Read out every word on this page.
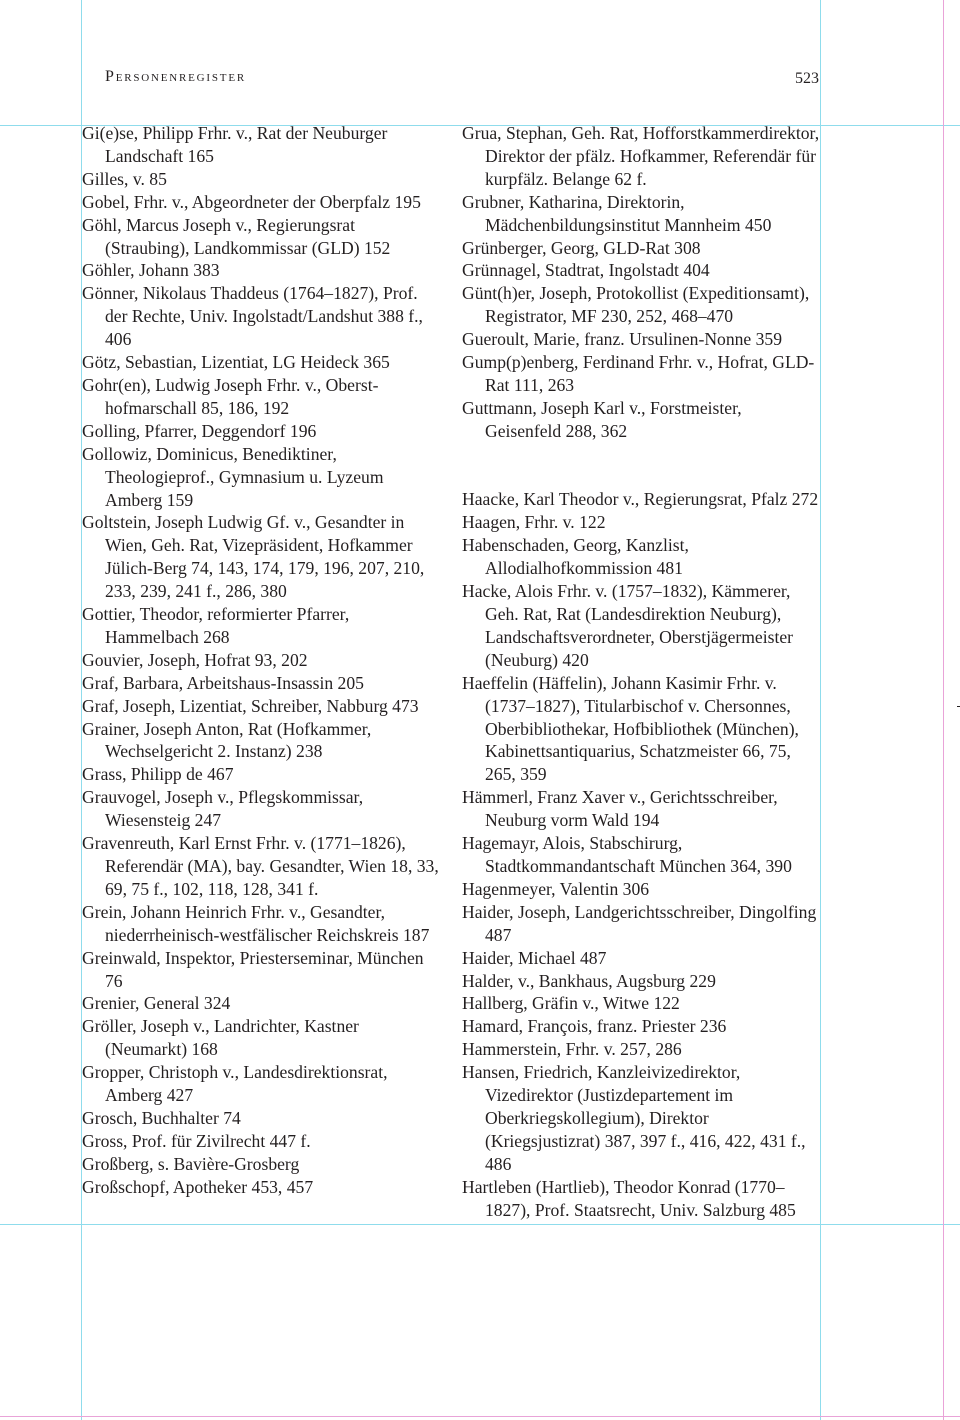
Personenregister	523
Gi(e)se, Philipp Frhr. v., Rat der Neuburger Landschaft 165
Gilles, v. 85
Gobel, Frhr. v., Abgeordneter der Oberpfalz 195
Göhl, Marcus Joseph v., Regierungsrat (Straubing), Landkommissar (GLD) 152
Göhler, Johann 383
Gönner, Nikolaus Thaddeus (1764–1827), Prof. der Rechte, Univ. Ingolstadt/Landshut 388 f., 406
Götz, Sebastian, Lizentiat, LG Heideck 365
Gohr(en), Ludwig Joseph Frhr. v., Obersthofmarschall 85, 186, 192
Golling, Pfarrer, Deggendorf 196
Gollowiz, Dominicus, Benediktiner, Theologieprof., Gymnasium u. Lyzeum Amberg 159
Goltstein, Joseph Ludwig Gf. v., Gesandter in Wien, Geh. Rat, Vizepräsident, Hofkammer Jülich-Berg 74, 143, 174, 179, 196, 207, 210, 233, 239, 241 f., 286, 380
Gottier, Theodor, reformierter Pfarrer, Hammelbach 268
Gouvier, Joseph, Hofrat 93, 202
Graf, Barbara, Arbeitshaus-Insassin 205
Graf, Joseph, Lizentiat, Schreiber, Nabburg 473
Grainer, Joseph Anton, Rat (Hofkammer, Wechselgericht 2. Instanz) 238
Grass, Philipp de 467
Grauvogel, Joseph v., Pflegskommissar, Wiesensteig 247
Gravenreuth, Karl Ernst Frhr. v. (1771–1826), Referendär (MA), bay. Gesandter, Wien 18, 33, 69, 75 f., 102, 118, 128, 341 f.
Grein, Johann Heinrich Frhr. v., Gesandter, niederrheinisch-westfälischer Reichskreis 187
Greinwald, Inspektor, Priesterseminar, München 76
Grenier, General 324
Gröller, Joseph v., Landrichter, Kastner (Neumarkt) 168
Gropper, Christoph v., Landesdirektionsrat, Amberg 427
Grosch, Buchhalter 74
Gross, Prof. für Zivilrecht 447 f.
Großberg, s. Bavière-Grosberg
Großschopf, Apotheker 453, 457
Grua, Stephan, Geh. Rat, Hofforstkammerdirektor, Direktor der pfälz. Hofkammer, Referendär für kurpfälz. Belange 62 f.
Grubner, Katharina, Direktorin, Mädchenbildungsinstitut Mannheim 450
Grünberger, Georg, GLD-Rat 308
Grünnagel, Stadtrat, Ingolstadt 404
Günt(h)er, Joseph, Protokollist (Expeditionsamt), Registrator, MF 230, 252, 468–470
Gueroult, Marie, franz. Ursulinen-Nonne 359
Gump(p)enberg, Ferdinand Frhr. v., Hofrat, GLD-Rat 111, 263
Guttmann, Joseph Karl v., Forstmeister, Geisenfeld 288, 362
Haacke, Karl Theodor v., Regierungsrat, Pfalz 272
Haagen, Frhr. v. 122
Habenschaden, Georg, Kanzlist, Allodialhofkommission 481
Hacke, Alois Frhr. v. (1757–1832), Kämmerer, Geh. Rat, Rat (Landesdirektion Neuburg), Landschaftsverordneter, Oberstjägermeister (Neuburg) 420
Haeffelin (Häffelin), Johann Kasimir Frhr. v. (1737–1827), Titularbischof v. Chersonnes, Oberbibliothekar, Hofbibliothek (München), Kabinettsantiquarius, Schatzmeister 66, 75, 265, 359
Hämmerl, Franz Xaver v., Gerichtsschreiber, Neuburg vorm Wald 194
Hagemayr, Alois, Stabschirurg, Stadtkommandantschaft München 364, 390
Hagenmeyer, Valentin 306
Haider, Joseph, Landgerichtsschreiber, Dingolfing 487
Haider, Michael 487
Halder, v., Bankhaus, Augsburg 229
Hallberg, Gräfin v., Witwe 122
Hamard, François, franz. Priester 236
Hammerstein, Frhr. v. 257, 286
Hansen, Friedrich, Kanzleivizedirektor, Vizedirektor (Justizdepartement im Oberkriegskollegium), Direktor (Kriegsjustizrat) 387, 397 f., 416, 422, 431 f., 486
Hartleben (Hartlieb), Theodor Konrad (1770–1827), Prof. Staatsrecht, Univ. Salzburg 485
